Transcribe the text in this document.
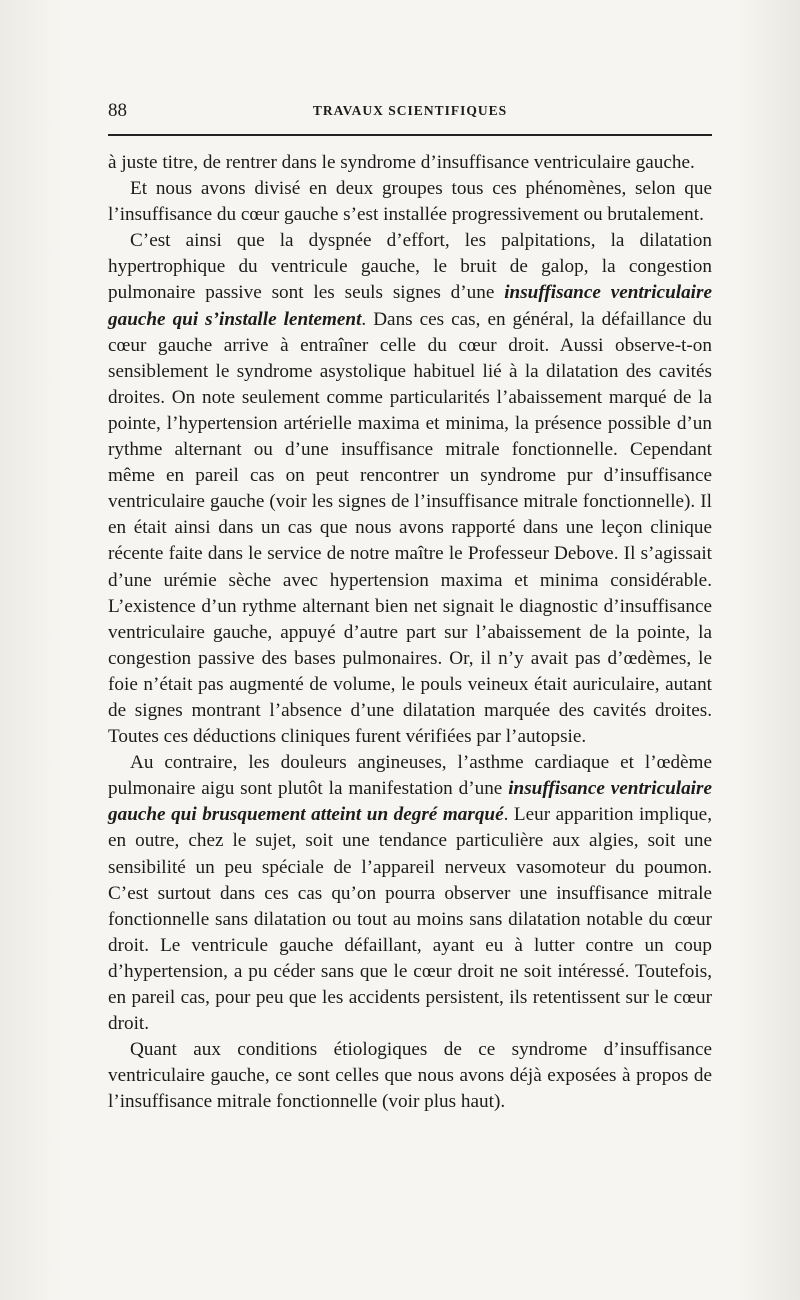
88	TRAVAUX SCIENTIFIQUES

à juste titre, de rentrer dans le syndrome d’insuffisance ventriculaire gauche.

Et nous avons divisé en deux groupes tous ces phénomènes, selon que l’insuffisance du cœur gauche s’est installée progressivement ou brutalement.

C’est ainsi que la dyspnée d’effort, les palpitations, la dilatation hypertrophique du ventricule gauche, le bruit de galop, la congestion pulmonaire passive sont les seuls signes d’une insuffisance ventriculaire gauche qui s’installe lentement. Dans ces cas, en général, la défaillance du cœur gauche arrive à entraîner celle du cœur droit. Aussi observe-t-on sensiblement le syndrome asystolique habituel lié à la dilatation des cavités droites. On note seulement comme particularités l’abaissement marqué de la pointe, l’hypertension artérielle maxima et minima, la présence possible d’un rythme alternant ou d’une insuffisance mitrale fonctionnelle. Cependant même en pareil cas on peut rencontrer un syndrome pur d’insuffisance ventriculaire gauche (voir les signes de l’insuffisance mitrale fonctionnelle). Il en était ainsi dans un cas que nous avons rapporté dans une leçon clinique récente faite dans le service de notre maître le Professeur Debove. Il s’agissait d’une urémie sèche avec hypertension maxima et minima considérable. L’existence d’un rythme alternant bien net signait le diagnostic d’insuffisance ventriculaire gauche, appuyé d’autre part sur l’abaissement de la pointe, la congestion passive des bases pulmonaires. Or, il n’y avait pas d’œdèmes, le foie n’était pas augmenté de volume, le pouls veineux était auriculaire, autant de signes montrant l’absence d’une dilatation marquée des cavités droites. Toutes ces déductions cliniques furent vérifiées par l’autopsie.

Au contraire, les douleurs angineuses, l’asthme cardiaque et l’œdème pulmonaire aigu sont plutôt la manifestation d’une insuffisance ventriculaire gauche qui brusquement atteint un degré marqué. Leur apparition implique, en outre, chez le sujet, soit une tendance particulière aux algies, soit une sensibilité un peu spéciale de l’appareil nerveux vasomoteur du poumon. C’est surtout dans ces cas qu’on pourra observer une insuffisance mitrale fonctionnelle sans dilatation ou tout au moins sans dilatation notable du cœur droit. Le ventricule gauche défaillant, ayant eu à lutter contre un coup d’hypertension, a pu céder sans que le cœur droit ne soit intéressé. Toutefois, en pareil cas, pour peu que les accidents persistent, ils retentissent sur le cœur droit.

Quant aux conditions étiologiques de ce syndrome d’insuffisance ventriculaire gauche, ce sont celles que nous avons déjà exposées à propos de l’insuffisance mitrale fonctionnelle (voir plus haut).
